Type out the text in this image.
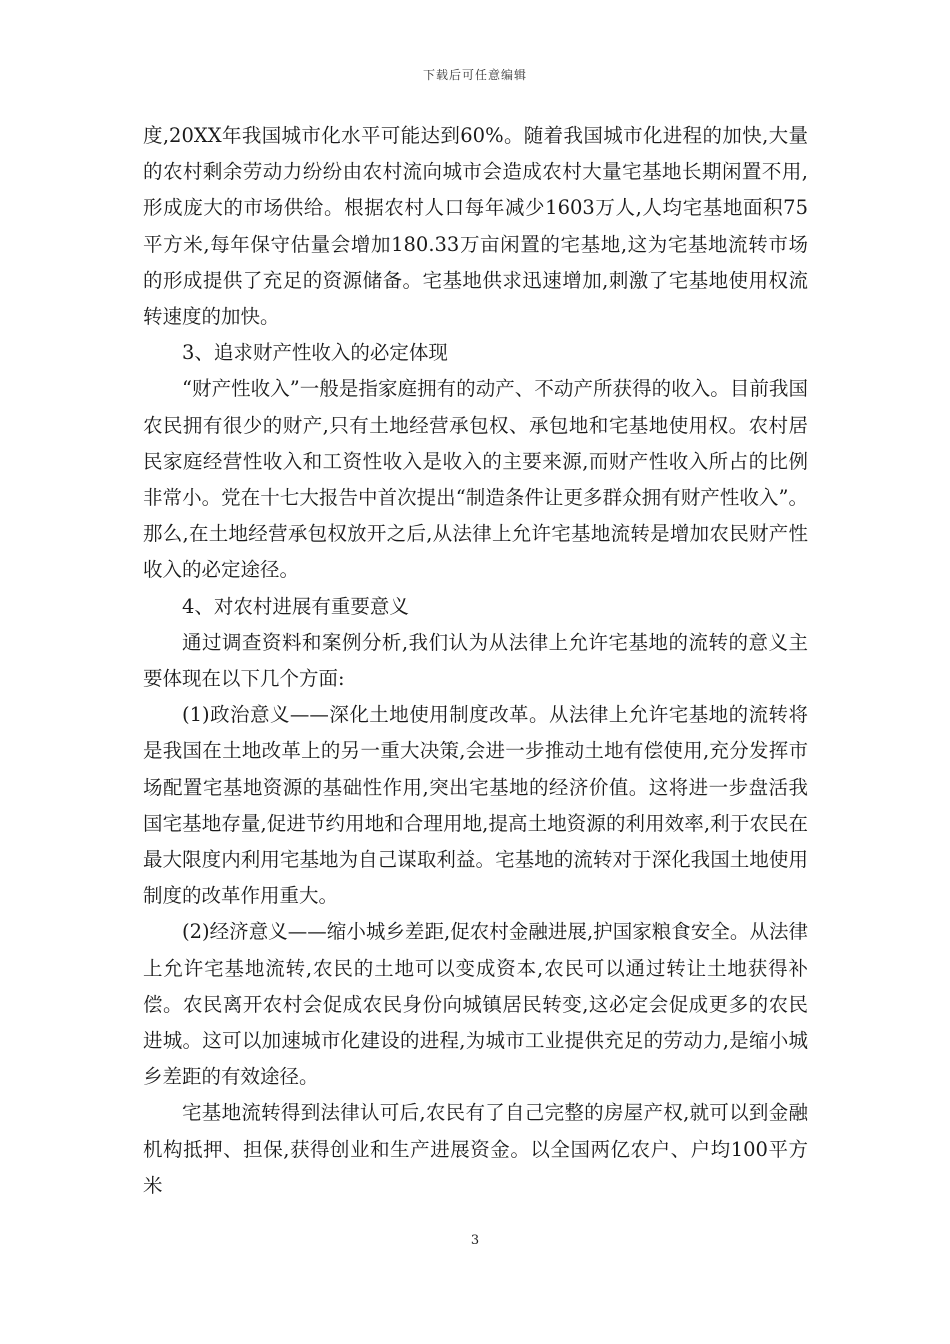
下载后可任意编辑

度,20XX年我国城市化水平可能达到60%。随着我国城市化进程的加快,大量的农村剩余劳动力纷纷由农村流向城市会造成农村大量宅基地长期闲置不用,形成庞大的市场供给。根据农村人口每年减少1603万人,人均宅基地面积75平方米,每年保守估量会增加180.33万亩闲置的宅基地,这为宅基地流转市场的形成提供了充足的资源储备。宅基地供求迅速增加,刺激了宅基地使用权流转速度的加快。

3、追求财产性收入的必定体现

“财产性收入”一般是指家庭拥有的动产、不动产所获得的收入。目前我国农民拥有很少的财产,只有土地经营承包权、承包地和宅基地使用权。农村居民家庭经营性收入和工资性收入是收入的主要来源,而财产性收入所占的比例非常小。党在十七大报告中首次提出“制造条件让更多群众拥有财产性收入”。那么,在土地经营承包权放开之后,从法律上允许宅基地流转是增加农民财产性收入的必定途径。

4、对农村进展有重要意义

通过调查资料和案例分析,我们认为从法律上允许宅基地的流转的意义主要体现在以下几个方面:

(1)政治意义——深化土地使用制度改革。从法律上允许宅基地的流转将是我国在土地改革上的另一重大决策,会进一步推动土地有偿使用,充分发挥市场配置宅基地资源的基础性作用,突出宅基地的经济价值。这将进一步盘活我国宅基地存量,促进节约用地和合理用地,提高土地资源的利用效率,利于农民在最大限度内利用宅基地为自己谋取利益。宅基地的流转对于深化我国土地使用制度的改革作用重大。

(2)经济意义——缩小城乡差距,促农村金融进展,护国家粮食安全。从法律上允许宅基地流转,农民的土地可以变成资本,农民可以通过转让土地获得补偿。农民离开农村会促成农民身份向城镇居民转变,这必定会促成更多的农民进城。这可以加速城市化建设的进程,为城市工业提供充足的劳动力,是缩小城乡差距的有效途径。

宅基地流转得到法律认可后,农民有了自己完整的房屋产权,就可以到金融机构抵押、担保,获得创业和生产进展资金。以全国两亿农户、户均100平方米

3
